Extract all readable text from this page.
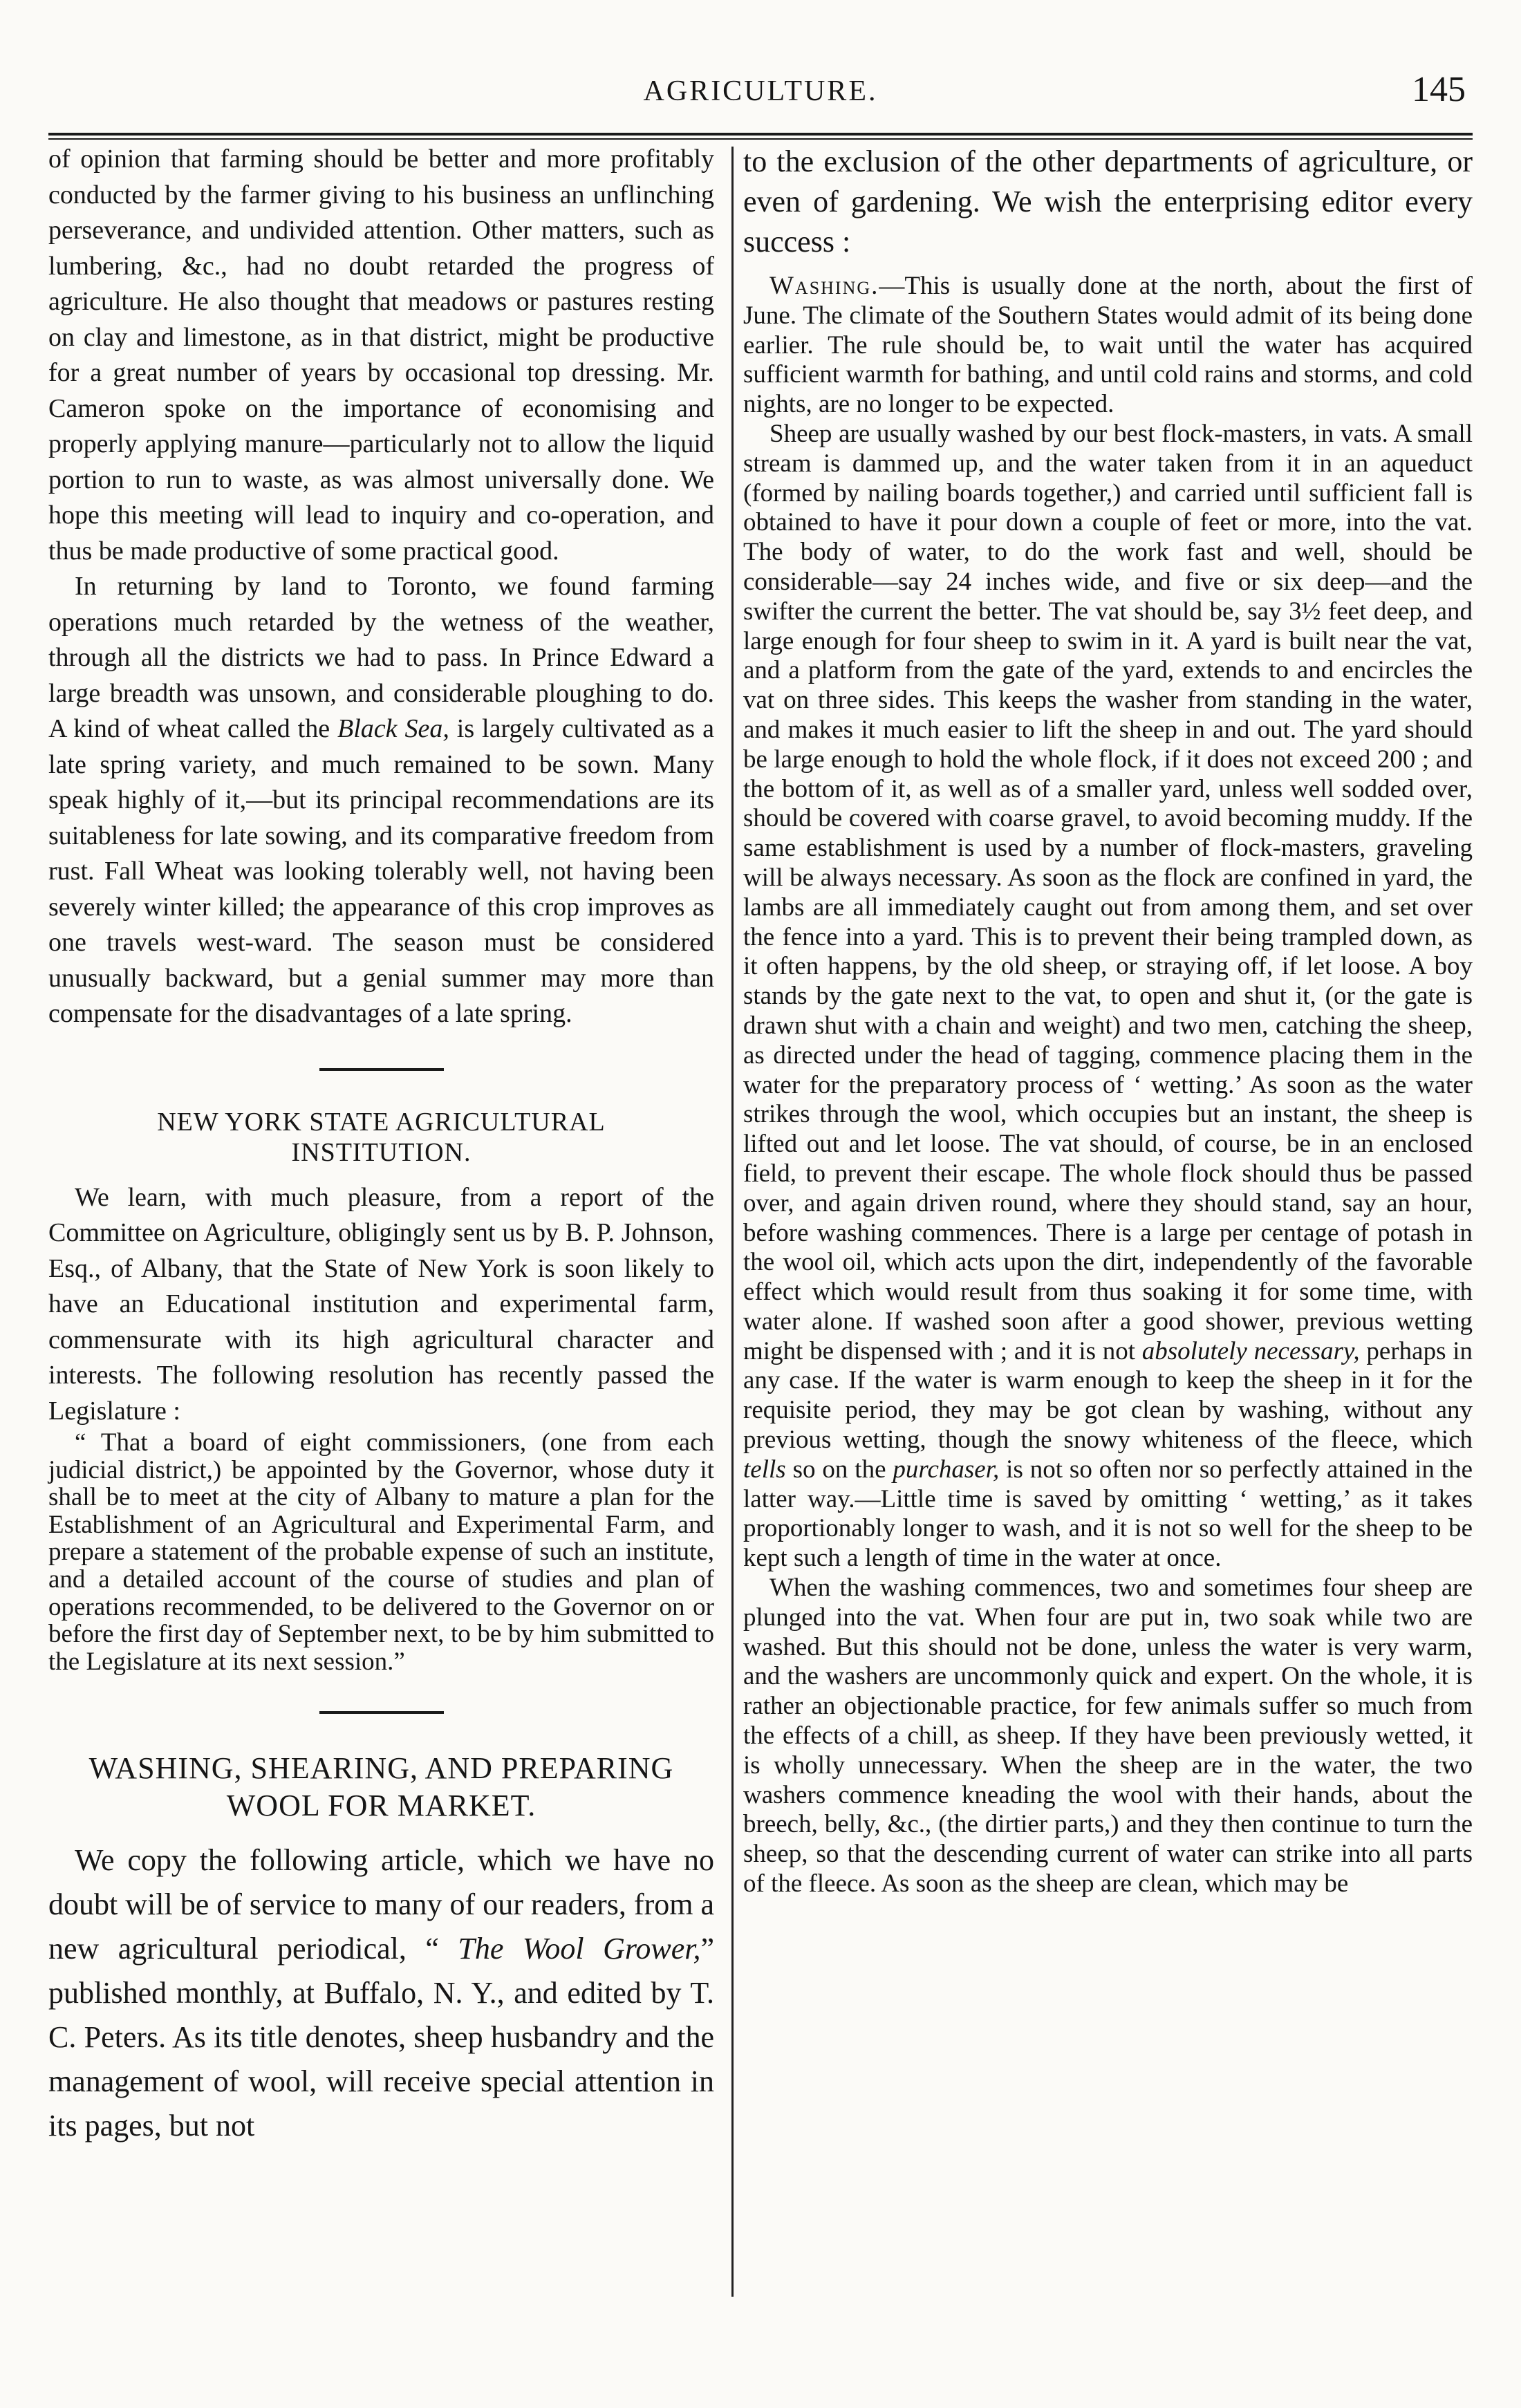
AGRICULTURE.	145

of opinion that farming should be better and more profitably conducted by the farmer giving to his business an unflinching perseverance, and undivided attention. Other matters, such as lumbering, &c., had no doubt retarded the progress of agriculture. He also thought that meadows or pastures resting on clay and limestone, as in that district, might be productive for a great number of years by occasional top dressing. Mr. Cameron spoke on the importance of economising and properly applying manure—particularly not to allow the liquid portion to run to waste, as was almost universally done. We hope this meeting will lead to inquiry and co-operation, and thus be made productive of some practical good.

In returning by land to Toronto, we found farming operations much retarded by the wetness of the weather, through all the districts we had to pass. In Prince Edward a large breadth was unsown, and considerable ploughing to do. A kind of wheat called the Black Sea, is largely cultivated as a late spring variety, and much remained to be sown. Many speak highly of it,—but its principal recommendations are its suitableness for late sowing, and its comparative freedom from rust. Fall Wheat was looking tolerably well, not having been severely winter killed; the appearance of this crop improves as one travels west-ward. The season must be considered unusually backward, but a genial summer may more than compensate for the disadvantages of a late spring.

NEW YORK STATE AGRICULTURAL
INSTITUTION.

We learn, with much pleasure, from a report of the Committee on Agriculture, obligingly sent us by B. P. Johnson, Esq., of Albany, that the State of New York is soon likely to have an Educational institution and experimental farm, commensurate with its high agricultural character and interests. The following resolution has recently passed the Legislature :

“ That a board of eight commissioners, (one from each judicial district,) be appointed by the Governor, whose duty it shall be to meet at the city of Albany to mature a plan for the Establishment of an Agricultural and Experimental Farm, and prepare a statement of the probable expense of such an institute, and a detailed account of the course of studies and plan of operations recommended, to be delivered to the Governor on or before the first day of September next, to be by him submitted to the Legislature at its next session.”

WASHING, SHEARING, AND PREPARING
WOOL FOR MARKET.

We copy the following article, which we have no doubt will be of service to many of our readers, from a new agricultural periodical, “ The Wool Grower,” published monthly, at Buffalo, N. Y., and edited by T. C. Peters. As its title denotes, sheep husbandry and the management of wool, will receive special attention in its pages, but not

to the exclusion of the other departments of agriculture, or even of gardening. We wish the enterprising editor every success :

Washing.—This is usually done at the north, about the first of June. The climate of the Southern States would admit of its being done earlier. The rule should be, to wait until the water has acquired sufficient warmth for bathing, and until cold rains and storms, and cold nights, are no longer to be expected.

Sheep are usually washed by our best flock-masters, in vats. A small stream is dammed up, and the water taken from it in an aqueduct (formed by nailing boards together,) and carried until sufficient fall is obtained to have it pour down a couple of feet or more, into the vat. The body of water, to do the work fast and well, should be considerable—say 24 inches wide, and five or six deep—and the swifter the current the better. The vat should be, say 3½ feet deep, and large enough for four sheep to swim in it. A yard is built near the vat, and a platform from the gate of the yard, extends to and encircles the vat on three sides. This keeps the washer from standing in the water, and makes it much easier to lift the sheep in and out. The yard should be large enough to hold the whole flock, if it does not exceed 200 ; and the bottom of it, as well as of a smaller yard, unless well sodded over, should be covered with coarse gravel, to avoid becoming muddy. If the same establishment is used by a number of flock-masters, graveling will be always necessary. As soon as the flock are confined in yard, the lambs are all immediately caught out from among them, and set over the fence into a yard. This is to prevent their being trampled down, as it often happens, by the old sheep, or straying off, if let loose. A boy stands by the gate next to the vat, to open and shut it, (or the gate is drawn shut with a chain and weight) and two men, catching the sheep, as directed under the head of tagging, commence placing them in the water for the preparatory process of ‘ wetting.’ As soon as the water strikes through the wool, which occupies but an instant, the sheep is lifted out and let loose. The vat should, of course, be in an enclosed field, to prevent their escape. The whole flock should thus be passed over, and again driven round, where they should stand, say an hour, before washing commences. There is a large per centage of potash in the wool oil, which acts upon the dirt, independently of the favorable effect which would result from thus soaking it for some time, with water alone. If washed soon after a good shower, previous wetting might be dispensed with ; and it is not absolutely necessary, perhaps in any case. If the water is warm enough to keep the sheep in it for the requisite period, they may be got clean by washing, without any previous wetting, though the snowy whiteness of the fleece, which tells so on the purchaser, is not so often nor so perfectly attained in the latter way.—Little time is saved by omitting ‘ wetting,’ as it takes proportionably longer to wash, and it is not so well for the sheep to be kept such a length of time in the water at once.

When the washing commences, two and sometimes four sheep are plunged into the vat. When four are put in, two soak while two are washed. But this should not be done, unless the water is very warm, and the washers are uncommonly quick and expert. On the whole, it is rather an objectionable practice, for few animals suffer so much from the effects of a chill, as sheep. If they have been previously wetted, it is wholly unnecessary. When the sheep are in the water, the two washers commence kneading the wool with their hands, about the breech, belly, &c., (the dirtier parts,) and they then continue to turn the sheep, so that the descending current of water can strike into all parts of the fleece. As soon as the sheep are clean, which may be
